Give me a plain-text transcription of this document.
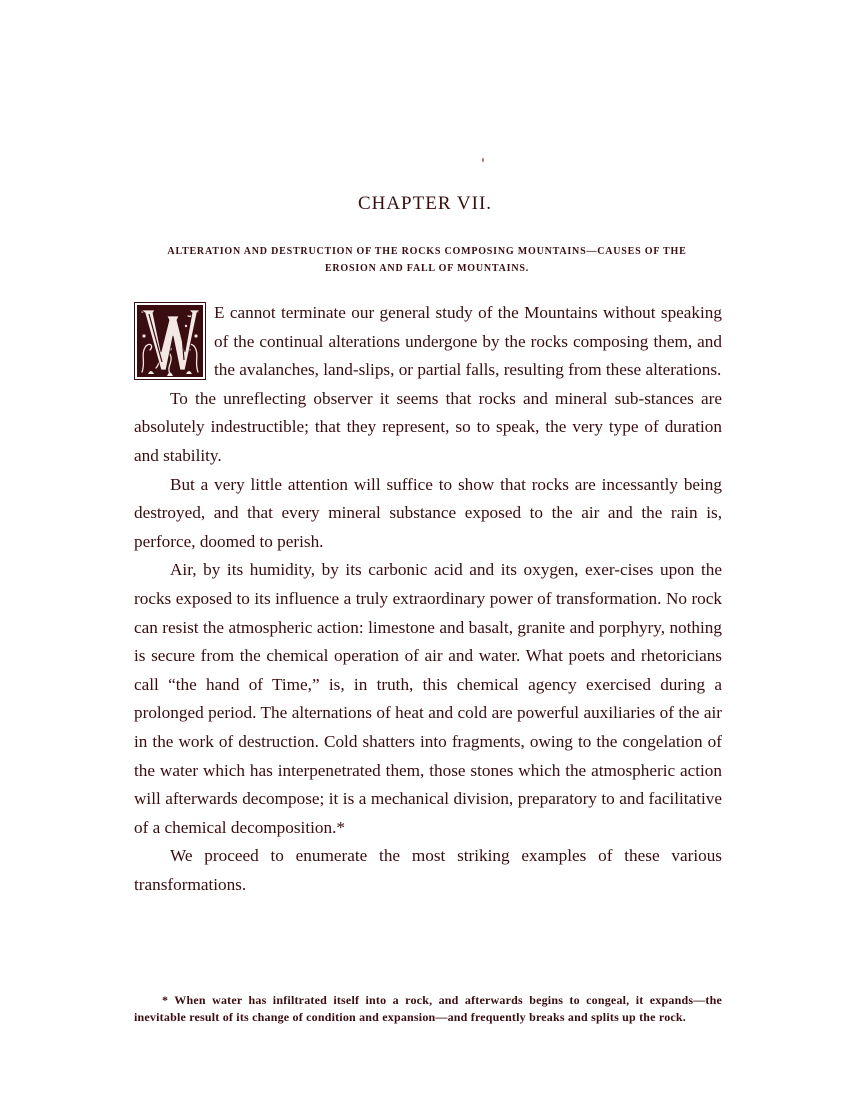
CHAPTER VII.
ALTERATION AND DESTRUCTION OF THE ROCKS COMPOSING MOUNTAINS—CAUSES OF THE EROSION AND FALL OF MOUNTAINS.

E cannot terminate our general study of the Mountains without speaking of the continual alterations undergone by the rocks composing them, and the avalanches, land-slips, or partial falls, resulting from these alterations.

To the unreflecting observer it seems that rocks and mineral sub-stances are absolutely indestructible; that they represent, so to speak, the very type of duration and stability.

But a very little attention will suffice to show that rocks are incessantly being destroyed, and that every mineral substance exposed to the air and the rain is, perforce, doomed to perish.

Air, by its humidity, by its carbonic acid and its oxygen, exer-cises upon the rocks exposed to its influence a truly extraordinary power of transformation. No rock can resist the atmospheric action: limestone and basalt, granite and porphyry, nothing is secure from the chemical operation of air and water. What poets and rhetoricians call “the hand of Time,” is, in truth, this chemical agency exercised during a prolonged period. The alternations of heat and cold are powerful auxiliaries of the air in the work of destruction. Cold shatters into fragments, owing to the congelation of the water which has interpenetrated them, those stones which the atmospheric action will afterwards decompose; it is a mechanical division, preparatory to and facilitative of a chemical decomposition.*

We proceed to enumerate the most striking examples of these various transformations.

* When water has infiltrated itself into a rock, and afterwards begins to congeal, it expands—the inevitable result of its change of condition and expansion—and frequently breaks and splits up the rock.
